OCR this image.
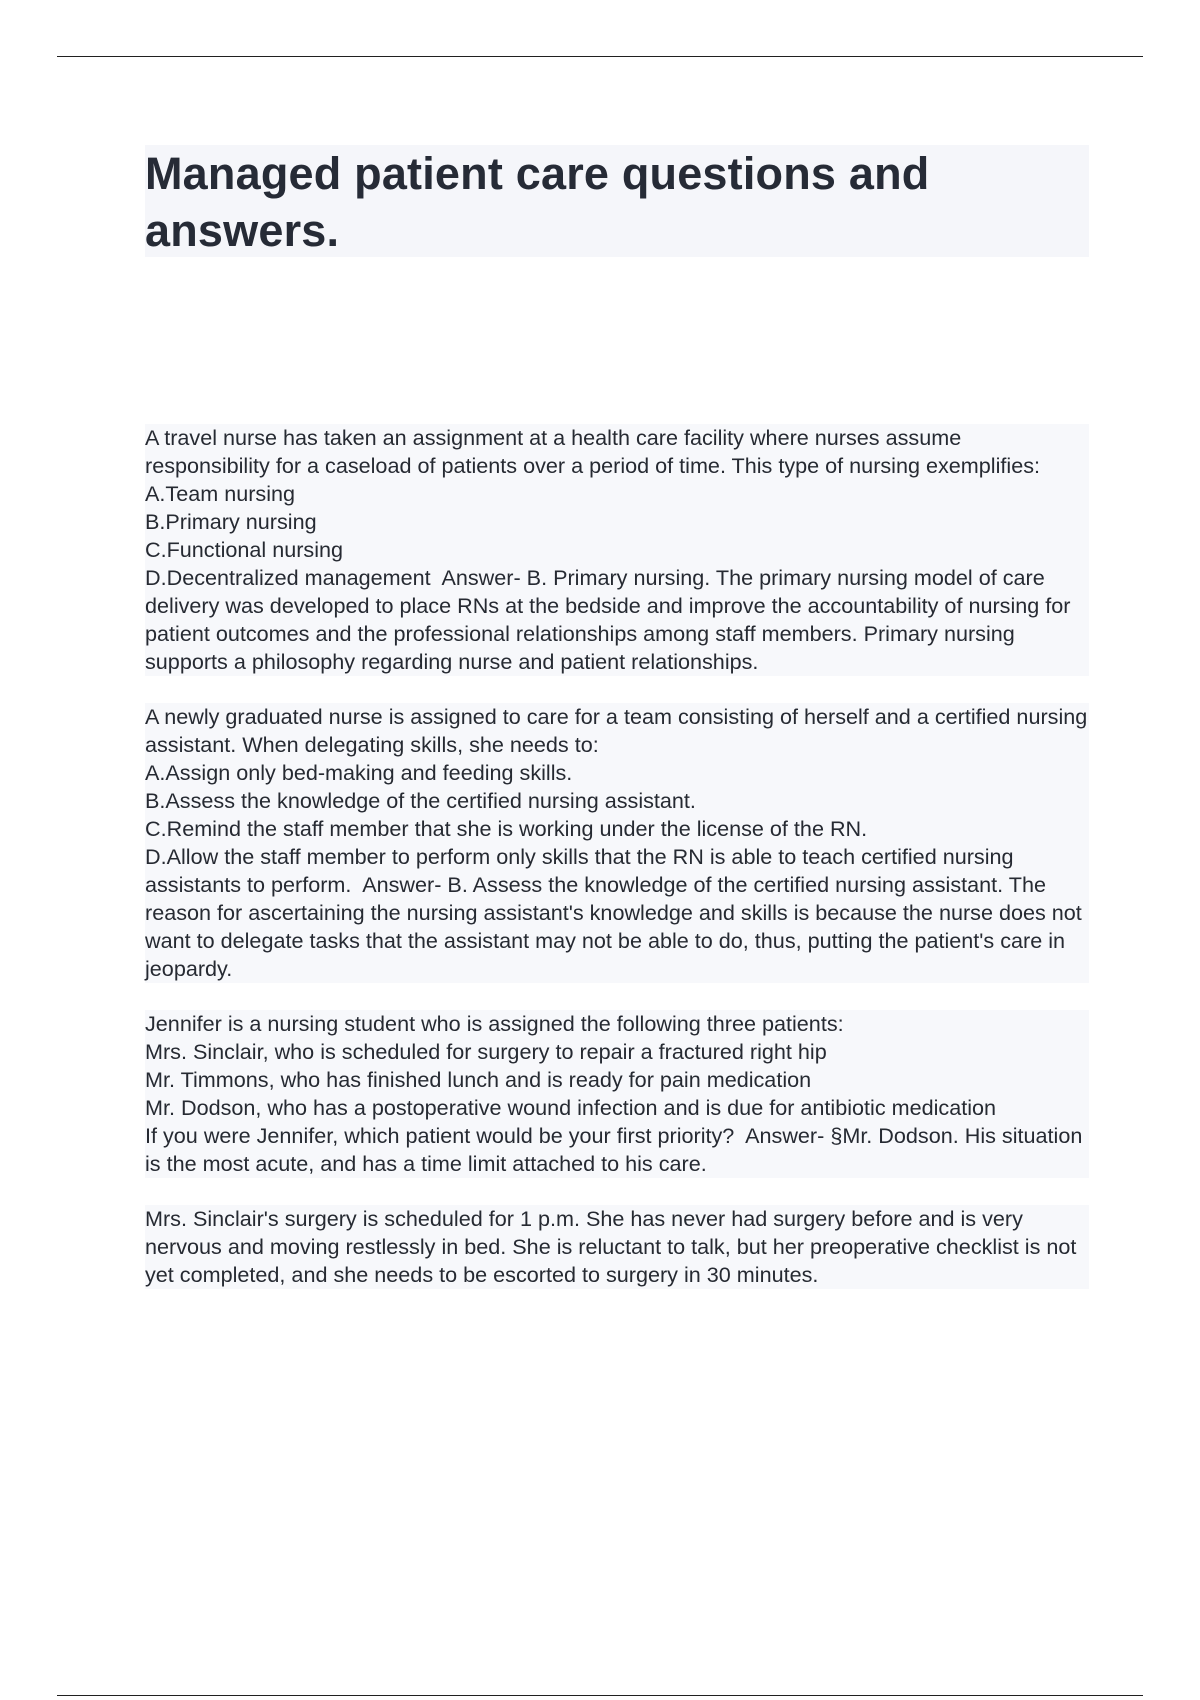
Managed patient care questions and answers.

A travel nurse has taken an assignment at a health care facility where nurses assume responsibility for a caseload of patients over a period of time. This type of nursing exemplifies:
A.Team nursing
B.Primary nursing
C.Functional nursing
D.Decentralized management  Answer- B. Primary nursing. The primary nursing model of care delivery was developed to place RNs at the bedside and improve the accountability of nursing for patient outcomes and the professional relationships among staff members. Primary nursing supports a philosophy regarding nurse and patient relationships.

A newly graduated nurse is assigned to care for a team consisting of herself and a certified nursing assistant. When delegating skills, she needs to:
A.Assign only bed-making and feeding skills.
B.Assess the knowledge of the certified nursing assistant.
C.Remind the staff member that she is working under the license of the RN.
D.Allow the staff member to perform only skills that the RN is able to teach certified nursing assistants to perform.  Answer- B. Assess the knowledge of the certified nursing assistant. The reason for ascertaining the nursing assistant's knowledge and skills is because the nurse does not want to delegate tasks that the assistant may not be able to do, thus, putting the patient's care in jeopardy.

Jennifer is a nursing student who is assigned the following three patients:
Mrs. Sinclair, who is scheduled for surgery to repair a fractured right hip
Mr. Timmons, who has finished lunch and is ready for pain medication
Mr. Dodson, who has a postoperative wound infection and is due for antibiotic medication
If you were Jennifer, which patient would be your first priority?  Answer- §Mr. Dodson. His situation is the most acute, and has a time limit attached to his care.

Mrs. Sinclair's surgery is scheduled for 1 p.m. She has never had surgery before and is very nervous and moving restlessly in bed. She is reluctant to talk, but her preoperative checklist is not yet completed, and she needs to be escorted to surgery in 30 minutes.
